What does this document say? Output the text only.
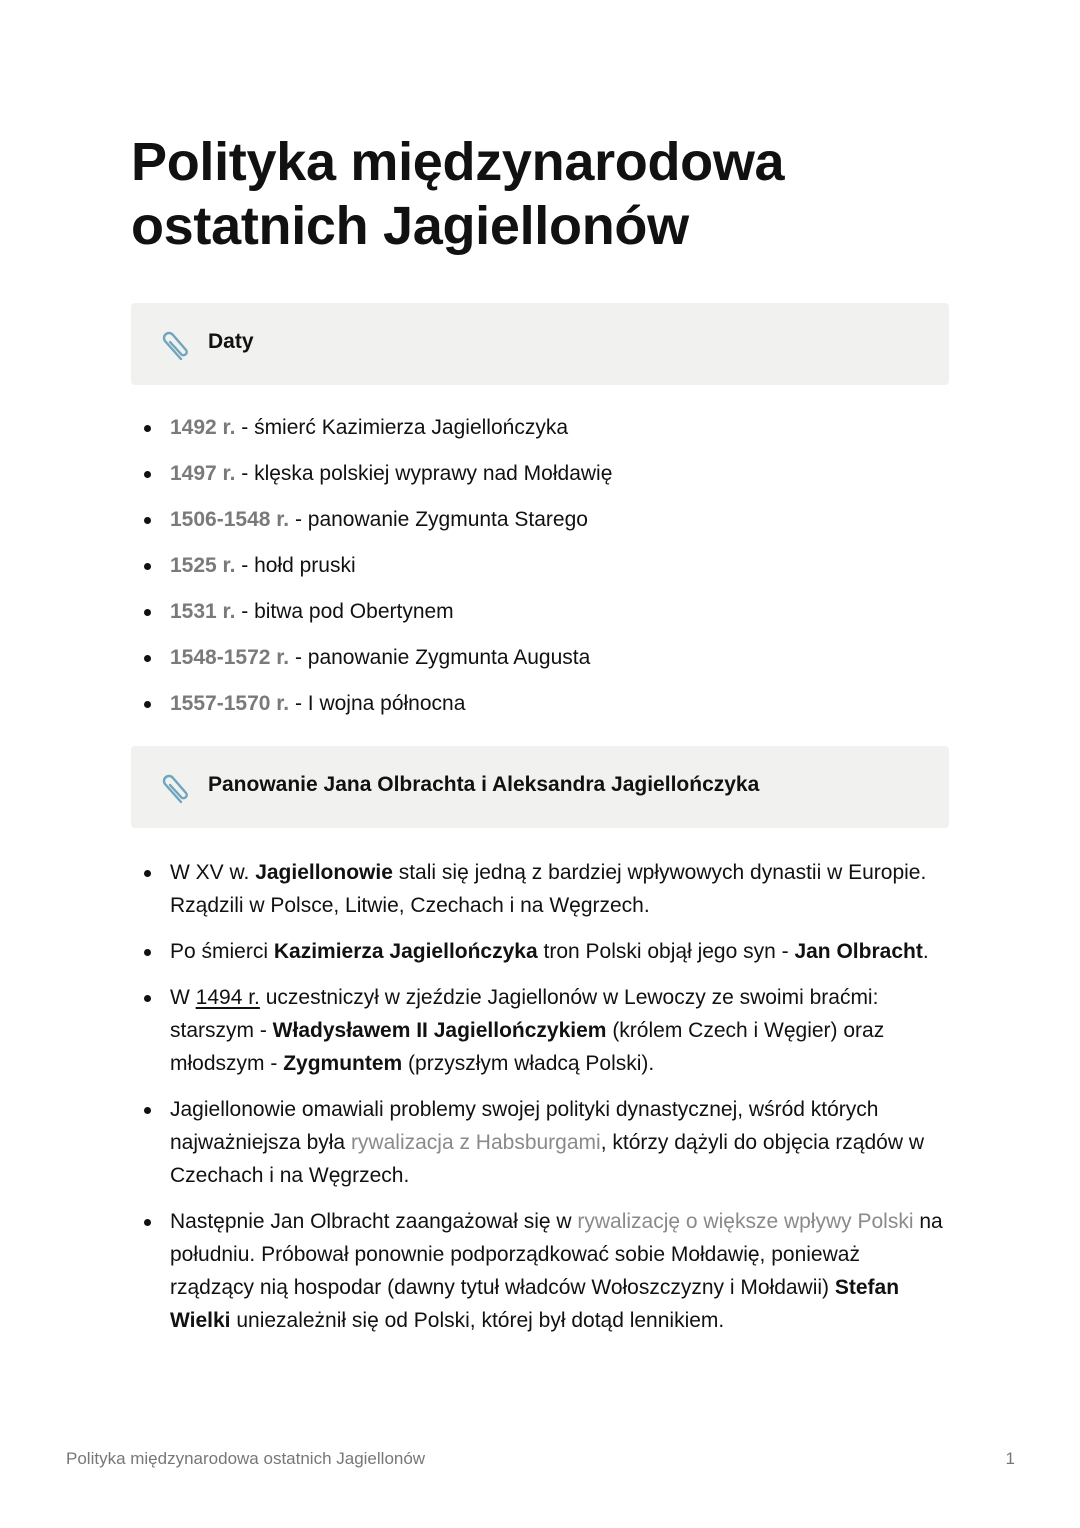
Polityka międzynarodowa ostatnich Jagiellonów
Daty
1492 r. - śmierć Kazimierza Jagiellończyka
1497 r. - klęska polskiej wyprawy nad Mołdawię
1506-1548 r. - panowanie Zygmunta Starego
1525 r. - hołd pruski
1531 r. - bitwa pod Obertynem
1548-1572 r. - panowanie Zygmunta Augusta
1557-1570 r. - I wojna północna
Panowanie Jana Olbrachta i Aleksandra Jagiellończyka
W XV w. Jagiellonowie stali się jedną z bardziej wpływowych dynastii w Europie. Rządzili w Polsce, Litwie, Czechach i na Węgrzech.
Po śmierci Kazimierza Jagiellończyka tron Polski objął jego syn - Jan Olbracht.
W 1494 r. uczestniczył w zjeździe Jagiellonów w Lewoczy ze swoimi braćmi: starszym - Władysławem II Jagiellończykiem (królem Czech i Węgier) oraz młodszym - Zygmuntem (przyszłym władcą Polski).
Jagiellonowie omawiali problemy swojej polityki dynastycznej, wśród których najważniejsza była rywalizacja z Habsburgami, którzy dążyli do objęcia rządów w Czechach i na Węgrzech.
Następnie Jan Olbracht zaangażował się w rywalizację o większe wpływy Polski na południu. Próbował ponownie podporządkować sobie Mołdawię, ponieważ rządzący nią hospodar (dawny tytuł władców Wołoszczyzny i Mołdawii) Stefan Wielki uniezależnił się od Polski, której był dotąd lennikiem.
Polityka międzynarodowa ostatnich Jagiellonów	1
